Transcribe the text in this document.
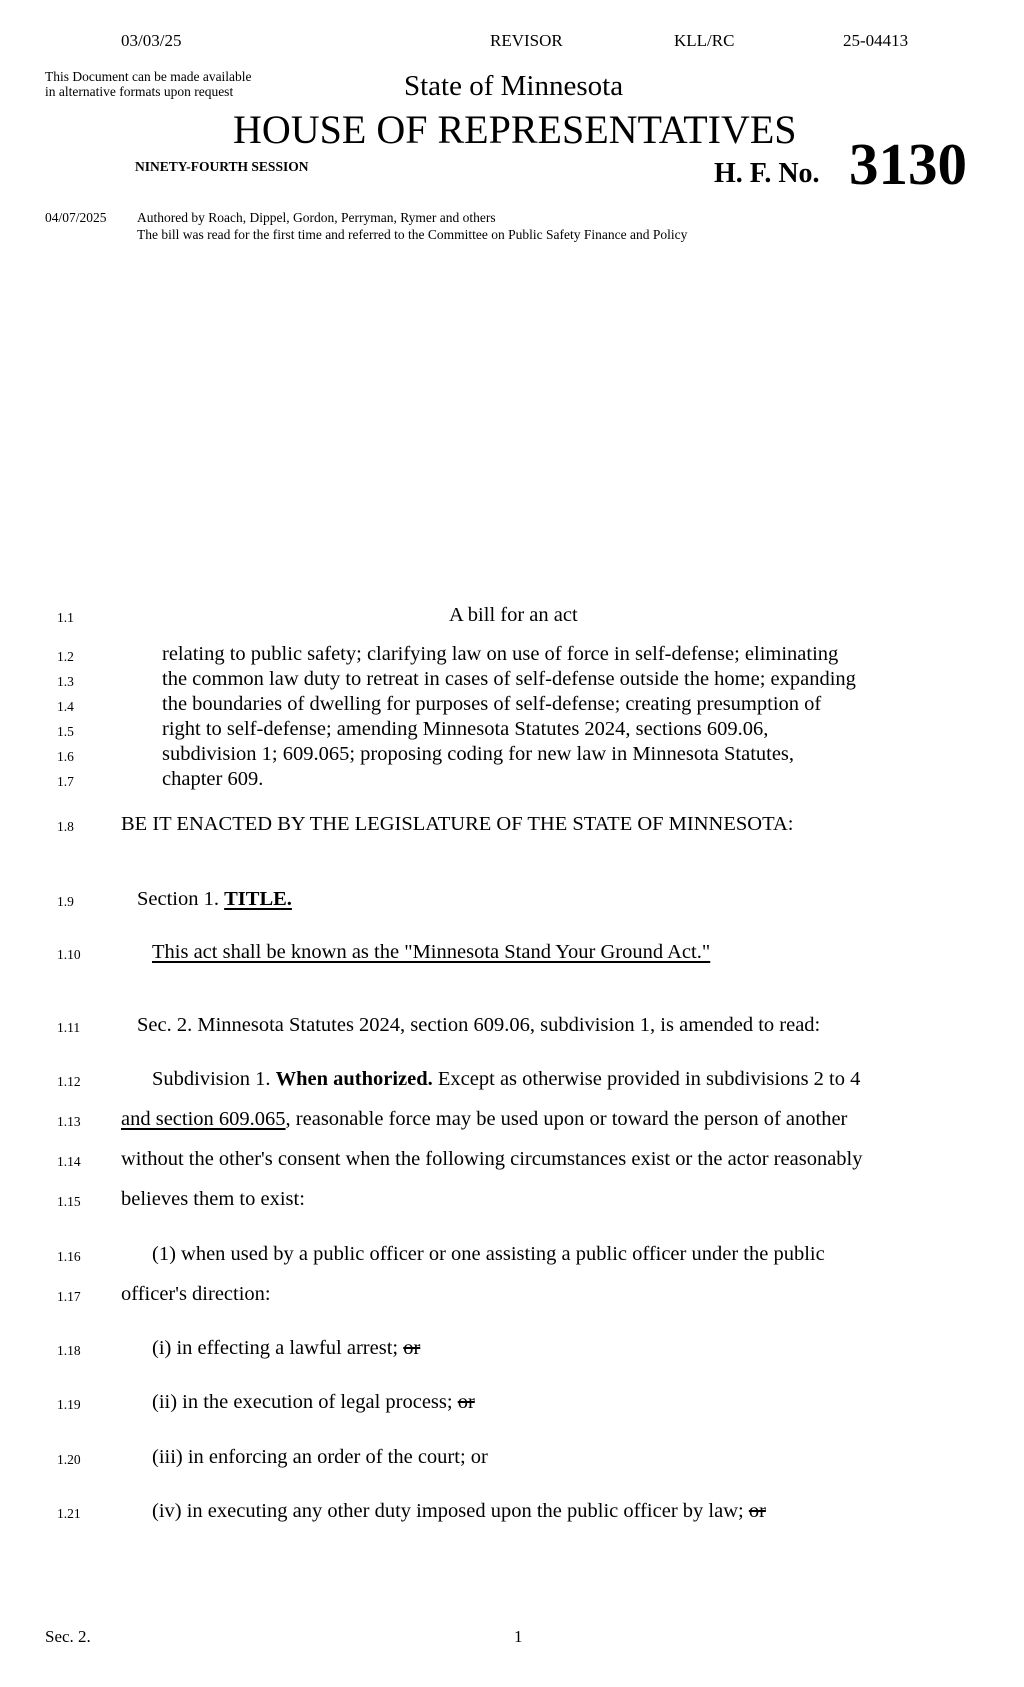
03/03/25	REVISOR	KLL/RC	25-04413
This Document can be made available
in alternative formats upon request	State of Minnesota
HOUSE OF REPRESENTATIVES
NINETY-FOURTH SESSION	H. F. No. 3130
04/07/2025 Authored by Roach, Dippel, Gordon, Perryman, Rymer and others
The bill was read for the first time and referred to the Committee on Public Safety Finance and Policy
1.1	A bill for an act
1.2	relating to public safety; clarifying law on use of force in self-defense; eliminating
1.3	the common law duty to retreat in cases of self-defense outside the home; expanding
1.4	the boundaries of dwelling for purposes of self-defense; creating presumption of
1.5	right to self-defense; amending Minnesota Statutes 2024, sections 609.06,
1.6	subdivision 1; 609.065; proposing coding for new law in Minnesota Statutes,
1.7	chapter 609.
1.8	BE IT ENACTED BY THE LEGISLATURE OF THE STATE OF MINNESOTA:
1.9	Section 1. TITLE.
1.10	This act shall be known as the "Minnesota Stand Your Ground Act."
1.11	Sec. 2. Minnesota Statutes 2024, section 609.06, subdivision 1, is amended to read:
1.12	Subdivision 1. When authorized. Except as otherwise provided in subdivisions 2 to 4
1.13	and section 609.065, reasonable force may be used upon or toward the person of another
1.14	without the other's consent when the following circumstances exist or the actor reasonably
1.15	believes them to exist:
1.16	(1) when used by a public officer or one assisting a public officer under the public
1.17	officer's direction:
1.18	(i) in effecting a lawful arrest; or
1.19	(ii) in the execution of legal process; or
1.20	(iii) in enforcing an order of the court; or
1.21	(iv) in executing any other duty imposed upon the public officer by law; or
Sec. 2.	1
